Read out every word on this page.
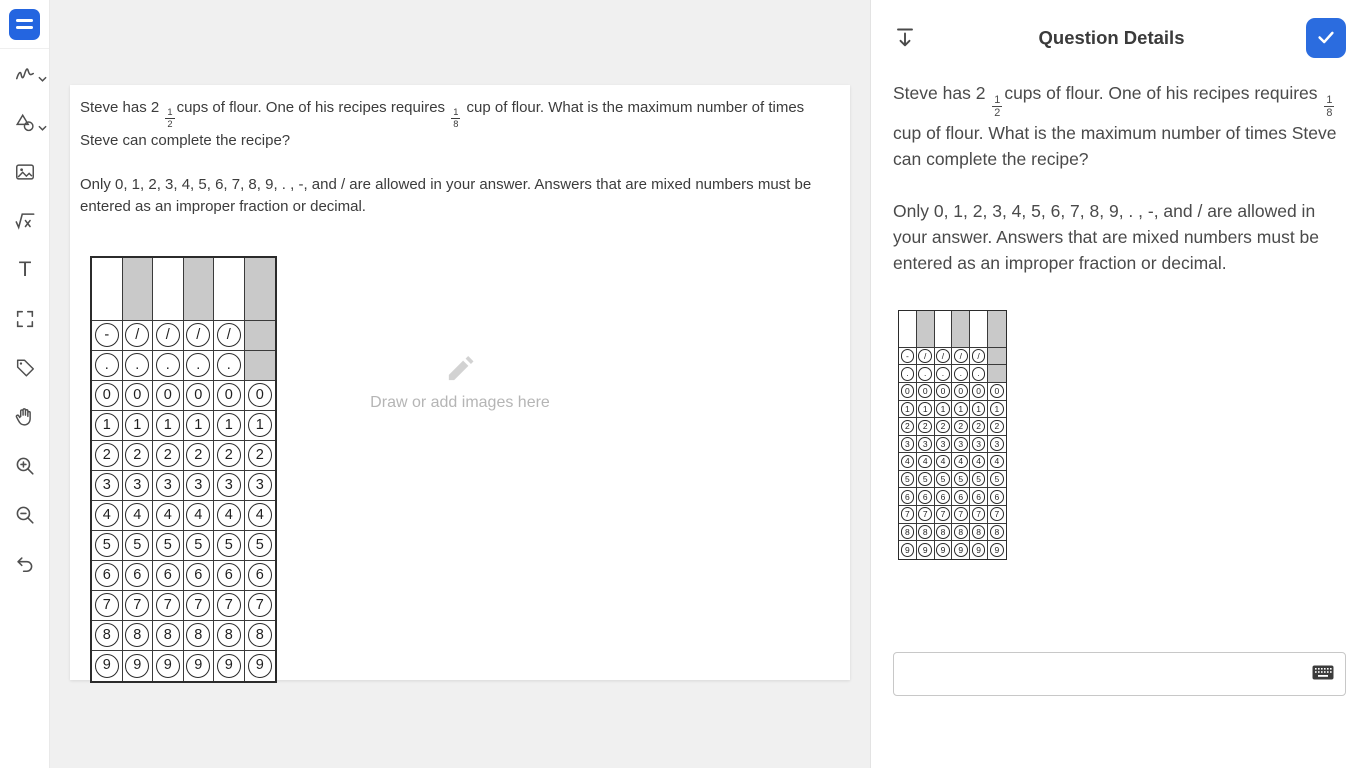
T

Steve has $2 \frac{1}{2}$ cups of flour. One of his recipes requires $\frac{1}{8}$ cup of flour. What is the maximum number of times Steve can complete the recipe?

Only 0, 1, 2, 3, 4, 5, 6, 7, 8, 9, . , -, and / are allowed in your answer. Answers that are mixed numbers must be entered as an improper fraction or decimal.

-	/	/	/	/
.	.	.	.	.
0	0	0	0	0	0
1	1	1	1	1	1
2	2	2	2	2	2
3	3	3	3	3	3
4	4	4	4	4	4
5	5	5	5	5	5
6	6	6	6	6	6
7	7	7	7	7	7
8	8	8	8	8	8
9	9	9	9	9	9
Draw or add images here
Question Details

Steve has 2
$\frac{1}{2}$
cups of flour. One of his recipes requires
$\frac{1}{8}$
cup of flour. What is the maximum number of times Steve can complete the recipe?

Only 0, 1, 2, 3, 4, 5, 6, 7, 8, 9, . , -, and / are allowed in your answer. Answers that are mixed numbers must be entered as an improper fraction or decimal.

-	/	/	/	/
.	.	.	.	.
0	0	0	0	0	0
1	1	1	1	1	1
2	2	2	2	2	2
3	3	3	3	3	3
4	4	4	4	4	4
5	5	5	5	5	5
6	6	6	6	6	6
7	7	7	7	7	7
8	8	8	8	8	8
9	9	9	9	9	9
